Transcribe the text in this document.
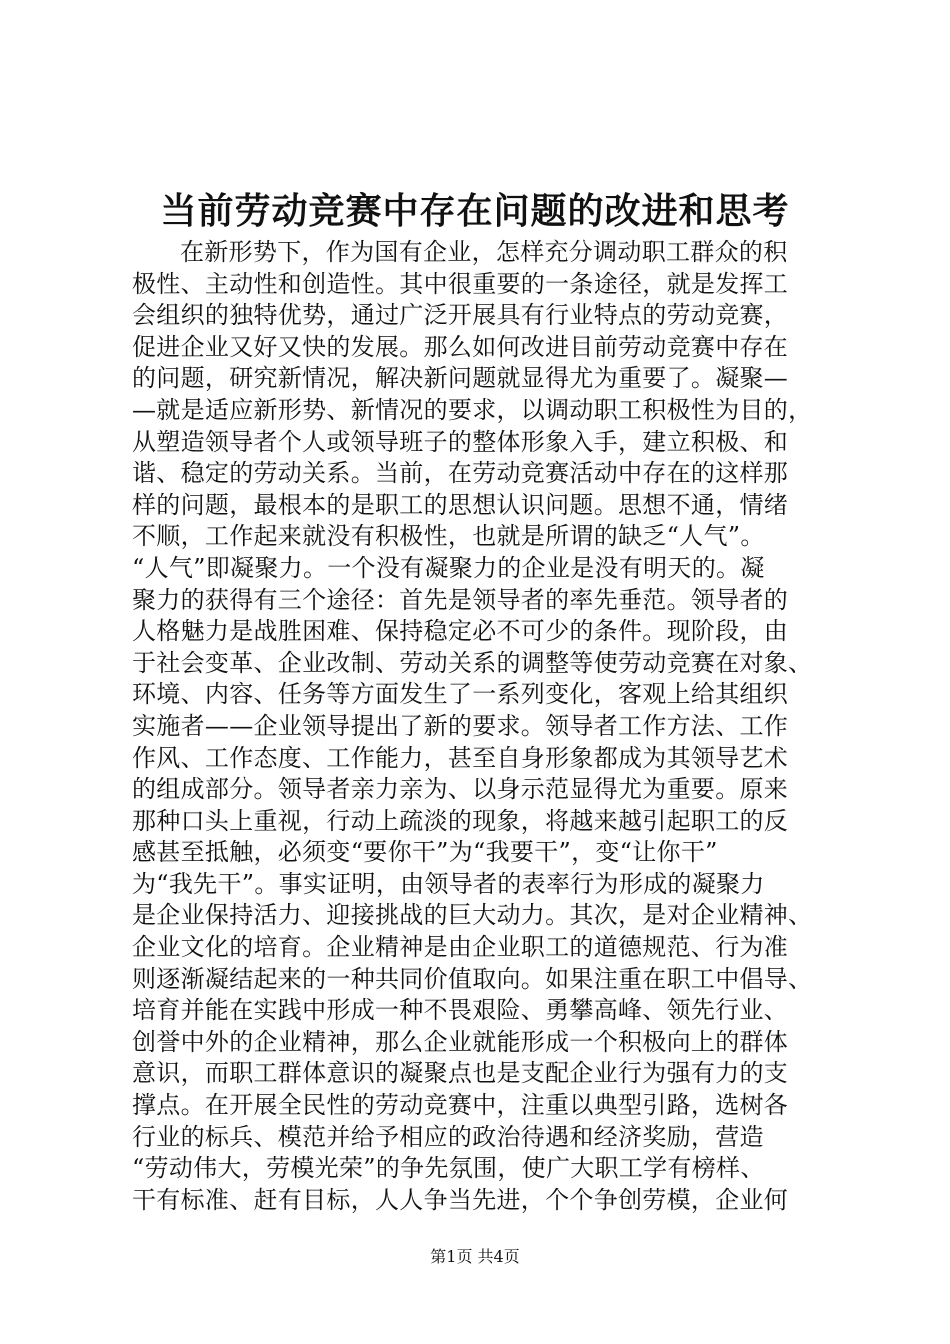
当前劳动竞赛中存在问题的改进和思考
在新形势下，作为国有企业，怎样充分调动职工群众的积
极性、主动性和创造性。其中很重要的一条途径，就是发挥工
会组织的独特优势，通过广泛开展具有行业特点的劳动竞赛，
促进企业又好又快的发展。那么如何改进目前劳动竞赛中存在
的问题，研究新情况，解决新问题就显得尤为重要了。凝聚—
—就是适应新形势、新情况的要求，以调动职工积极性为目的，
从塑造领导者个人或领导班子的整体形象入手，建立积极、和
谐、稳定的劳动关系。当前，在劳动竞赛活动中存在的这样那
样的问题，最根本的是职工的思想认识问题。思想不通，情绪
不顺，工作起来就没有积极性，也就是所谓的缺乏“人气”。
“人气”即凝聚力。一个没有凝聚力的企业是没有明天的。凝
聚力的获得有三个途径：首先是领导者的率先垂范。领导者的
人格魅力是战胜困难、保持稳定必不可少的条件。现阶段，由
于社会变革、企业改制、劳动关系的调整等使劳动竞赛在对象、
环境、内容、任务等方面发生了一系列变化，客观上给其组织
实施者——企业领导提出了新的要求。领导者工作方法、工作
作风、工作态度、工作能力，甚至自身形象都成为其领导艺术
的组成部分。领导者亲力亲为、以身示范显得尤为重要。原来
那种口头上重视，行动上疏淡的现象，将越来越引起职工的反
感甚至抵触，必须变“要你干”为“我要干”，变“让你干”
为“我先干”。事实证明，由领导者的表率行为形成的凝聚力
是企业保持活力、迎接挑战的巨大动力。其次，是对企业精神、
企业文化的培育。企业精神是由企业职工的道德规范、行为准
则逐渐凝结起来的一种共同价值取向。如果注重在职工中倡导、
培育并能在实践中形成一种不畏艰险、勇攀高峰、领先行业、
创誉中外的企业精神，那么企业就能形成一个积极向上的群体
意识，而职工群体意识的凝聚点也是支配企业行为强有力的支
撑点。在开展全民性的劳动竞赛中，注重以典型引路，选树各
行业的标兵、模范并给予相应的政治待遇和经济奖励，营造
“劳动伟大，劳模光荣”的争先氛围，使广大职工学有榜样、
干有标准、赶有目标，人人争当先进，个个争创劳模，企业何
第1页 共4页
